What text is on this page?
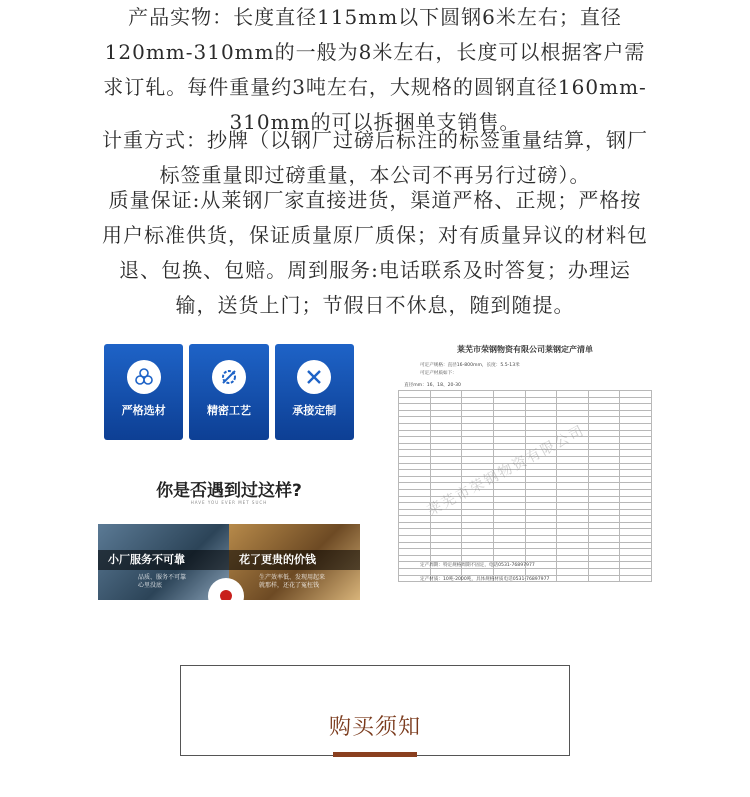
产品实物：长度直径115mm以下圆钢6米左右；直径120mm-310mm的一般为8米左右，长度可以根据客户需求订轧。每件重量约3吨左右，大规格的圆钢直径160mm-310mm的可以拆捆单支销售。

计重方式：抄牌（以钢厂过磅后标注的标签重量结算，钢厂标签重量即过磅重量，本公司不再另行过磅）。

质量保证:从莱钢厂家直接进货，渠道严格、正规；严格按用户标准供货，保证质量原厂质保；对有质量异议的材料包退、包换、包赔。周到服务:电话联系及时答复；办理运输，送货上门；节假日不休息，随到随提。

严格选材	精密工艺	承接定制
你是否遇到过这样?
HAVE YOU EVER MET SUCH
小厂服务不可靠
品质、服务不可靠
心里没底
花了更贵的价钱
生产效率低、发现用起来
就那样，还花了冤枉钱
莱芜市荣钢物资有限公司莱钢定产清单
可定产规格：直径16-800mm，长度：5.5-13米
可定产材质如下：
直径mm：16、18、20-30

定产周期：特定规格周期不固定，电话0531-76897977
定产材质：10吨-2000吨，具体规格材质电话0531-76897977
莱芜市荣钢物资有限公司
购买须知
